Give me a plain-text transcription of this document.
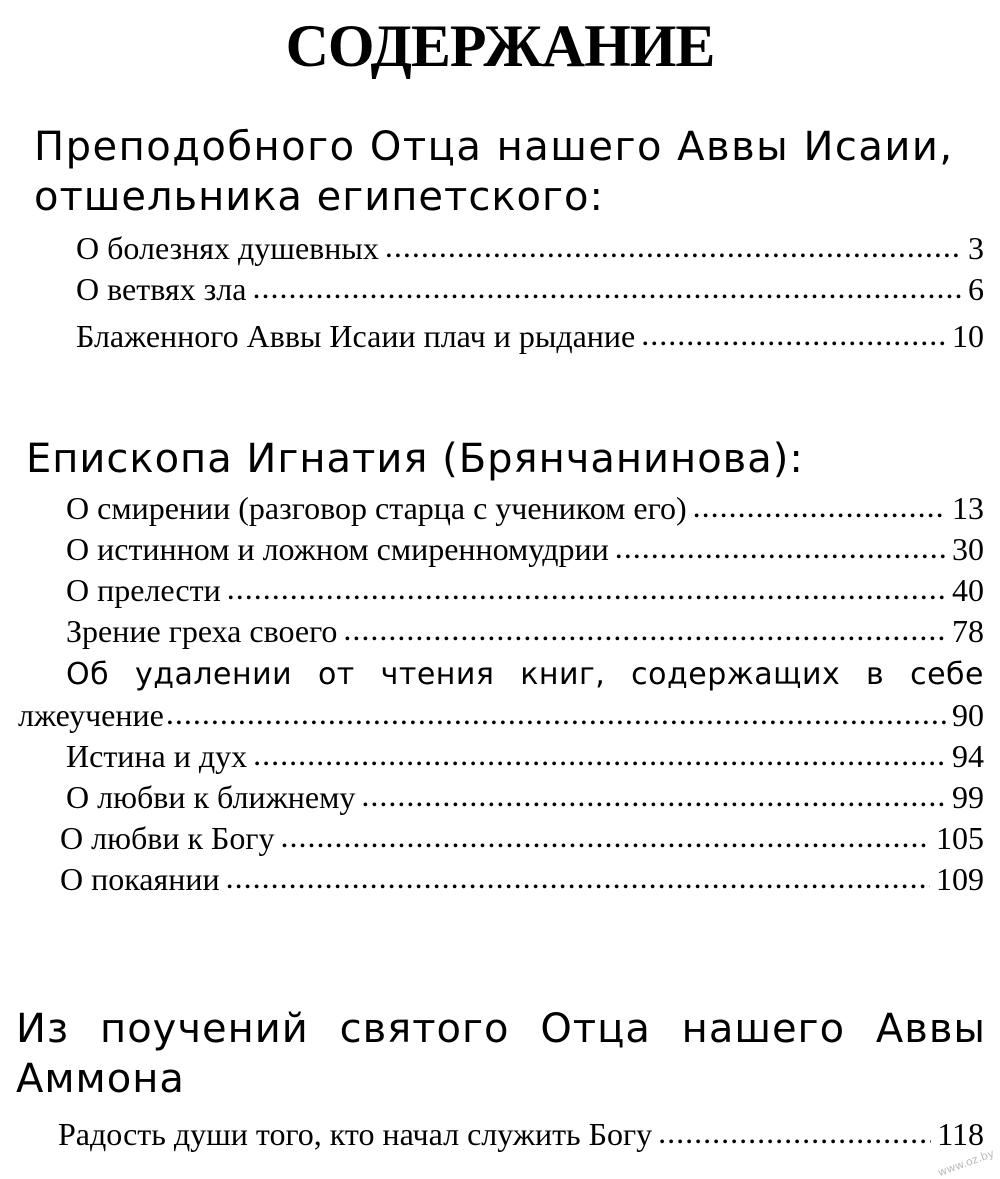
СОДЕРЖАНИЕ
Преподобного Отца нашего Аввы Исаии,
отшельника египетского:
О болезнях душевных .....	3
О ветвях зла .....	6
Блаженного Аввы Исаии плач и рыдание .....	10
Епископа Игнатия (Брянчанинова):
О смирении (разговор старца с учеником его) .....	13
О истинном и ложном смиренномудрии .....	30
О прелести .....	40
Зрение греха своего .....	78
Об удалении от чтения книг, содержащих в себе
лжеучение .....	90
Истина и дух .....	94
О любви к ближнему .....	99
О любви к Богу .....	105
О покаянии .....	109
Из поучений святого Отца нашего Аввы
Аммона
Радость души того, кто начал служить Богу .....	118
www.oz.by
